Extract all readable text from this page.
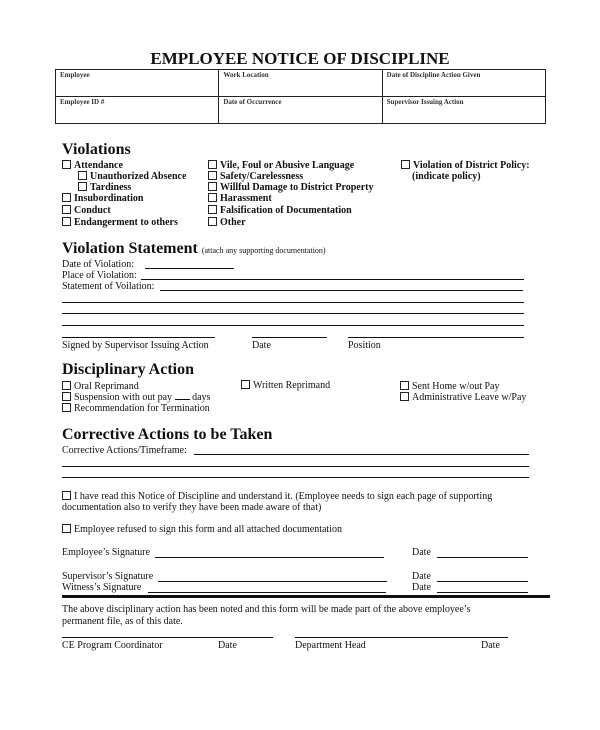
EMPLOYEE NOTICE OF DISCIPLINE
Employee	Work Location	Date of Discipline Action Given
Employee ID #	Date of Occurrence	Supervisor Issuing Action
Violations
Attendance
Unauthorized Absence
Tardiness
Insubordination
Conduct
Endangerment to others
Vile, Foul or Abusive Language
Safety/Carelessness
Willful Damage to District Property
Harassment
Falsification of Documentation
Other
Violation of District Policy:
(indicate policy)
Violation Statement (attach any supporting documentation)
Date of Violation:
Place of Violation:
Statement of Voilation:
Signed by Supervisor Issuing Action	Date	Position
Disciplinary Action
Oral Reprimand
Suspension with out pay days
Recommendation for Termination
Written Reprimand	Sent Home w/out Pay
Administrative Leave w/Pay
Corrective Actions to be Taken
Corrective Actions/Timeframe:
I have read this Notice of Discipline and understand it. (Employee needs to sign each page of supporting
documentation also to verify they have been made aware of that)
Employee refused to sign this form and all attached documentation
Employee’s Signature	Date
Supervisor’s Signature	Date
Witness’s Signature	Date
The above disciplinary action has been noted and this form will be made part of the above employee’s
permanent file, as of this date.
CE Program Coordinator	Date	Department Head	Date
